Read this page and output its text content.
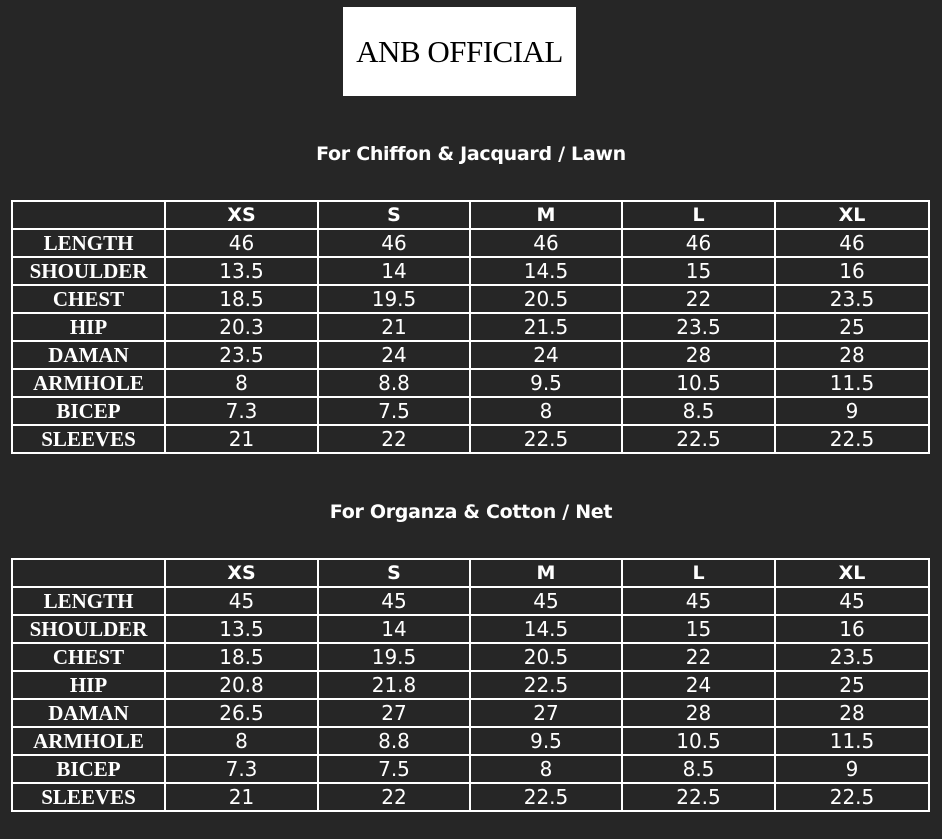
ANB OFFICIAL
For Chiffon & Jacquard / Lawn
	XS	S	M	L	XL
LENGTH	46	46	46	46	46
SHOULDER	13.5	14	14.5	15	16
CHEST	18.5	19.5	20.5	22	23.5
HIP	20.3	21	21.5	23.5	25
DAMAN	23.5	24	24	28	28
ARMHOLE	8	8.8	9.5	10.5	11.5
BICEP	7.3	7.5	8	8.5	9
SLEEVES	21	22	22.5	22.5	22.5
For Organza & Cotton / Net
	XS	S	M	L	XL
LENGTH	45	45	45	45	45
SHOULDER	13.5	14	14.5	15	16
CHEST	18.5	19.5	20.5	22	23.5
HIP	20.8	21.8	22.5	24	25
DAMAN	26.5	27	27	28	28
ARMHOLE	8	8.8	9.5	10.5	11.5
BICEP	7.3	7.5	8	8.5	9
SLEEVES	21	22	22.5	22.5	22.5
